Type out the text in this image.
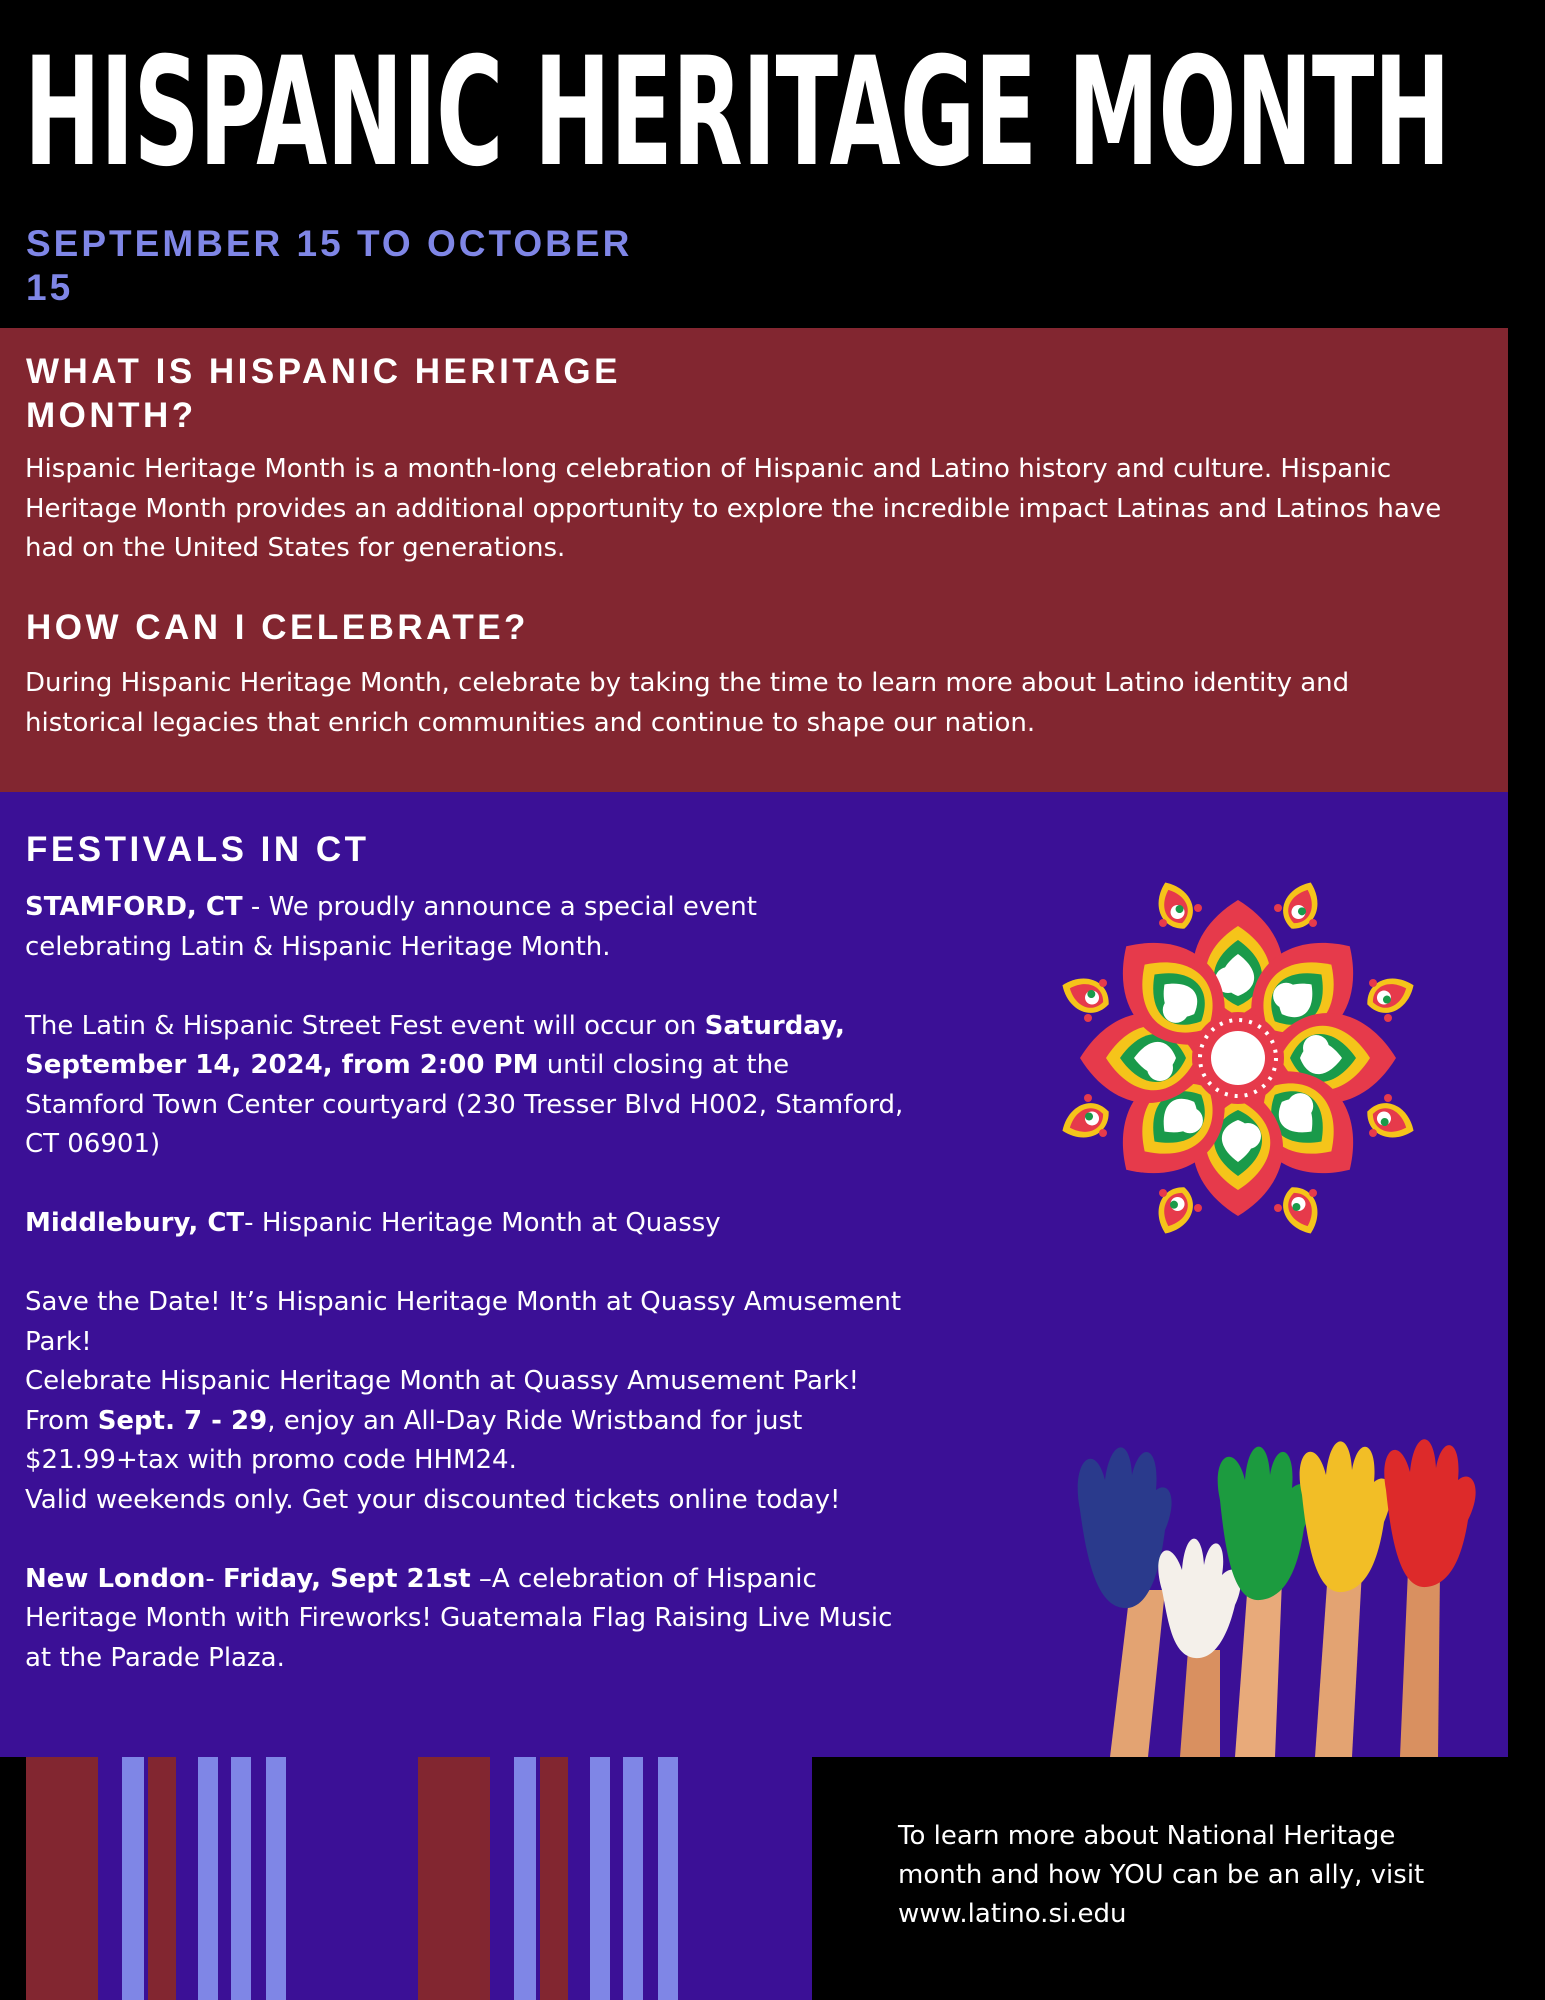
HISPANIC HERITAGE MONTH
SEPTEMBER 15 TO OCTOBER 15
WHAT IS HISPANIC HERITAGE MONTH?
Hispanic Heritage Month is a month-long celebration of Hispanic and Latino history and culture. Hispanic Heritage Month provides an additional opportunity to explore the incredible impact Latinas and Latinos have had on the United States for generations.
HOW CAN I CELEBRATE?
During Hispanic Heritage Month, celebrate by taking the time to learn more about Latino identity and historical legacies that enrich communities and continue to shape our nation.
FESTIVALS IN CT
STAMFORD, CT - We proudly announce a special event celebrating Latin & Hispanic Heritage Month.
The Latin & Hispanic Street Fest event will occur on Saturday, September 14, 2024, from 2:00 PM until closing at the Stamford Town Center courtyard (230 Tresser Blvd H002, Stamford, CT 06901)
Middlebury, CT- Hispanic Heritage Month at Quassy
Save the Date! It’s Hispanic Heritage Month at Quassy Amusement Park!
Celebrate Hispanic Heritage Month at Quassy Amusement Park!
From Sept. 7 - 29, enjoy an All-Day Ride Wristband for just $21.99+tax with promo code HHM24.
Valid weekends only. Get your discounted tickets online today!
New London- Friday, Sept 21st –A celebration of Hispanic Heritage Month with Fireworks! Guatemala Flag Raising Live Music at the Parade Plaza.
To learn more about National Heritage month and how YOU can be an ally, visit www.latino.si.edu
